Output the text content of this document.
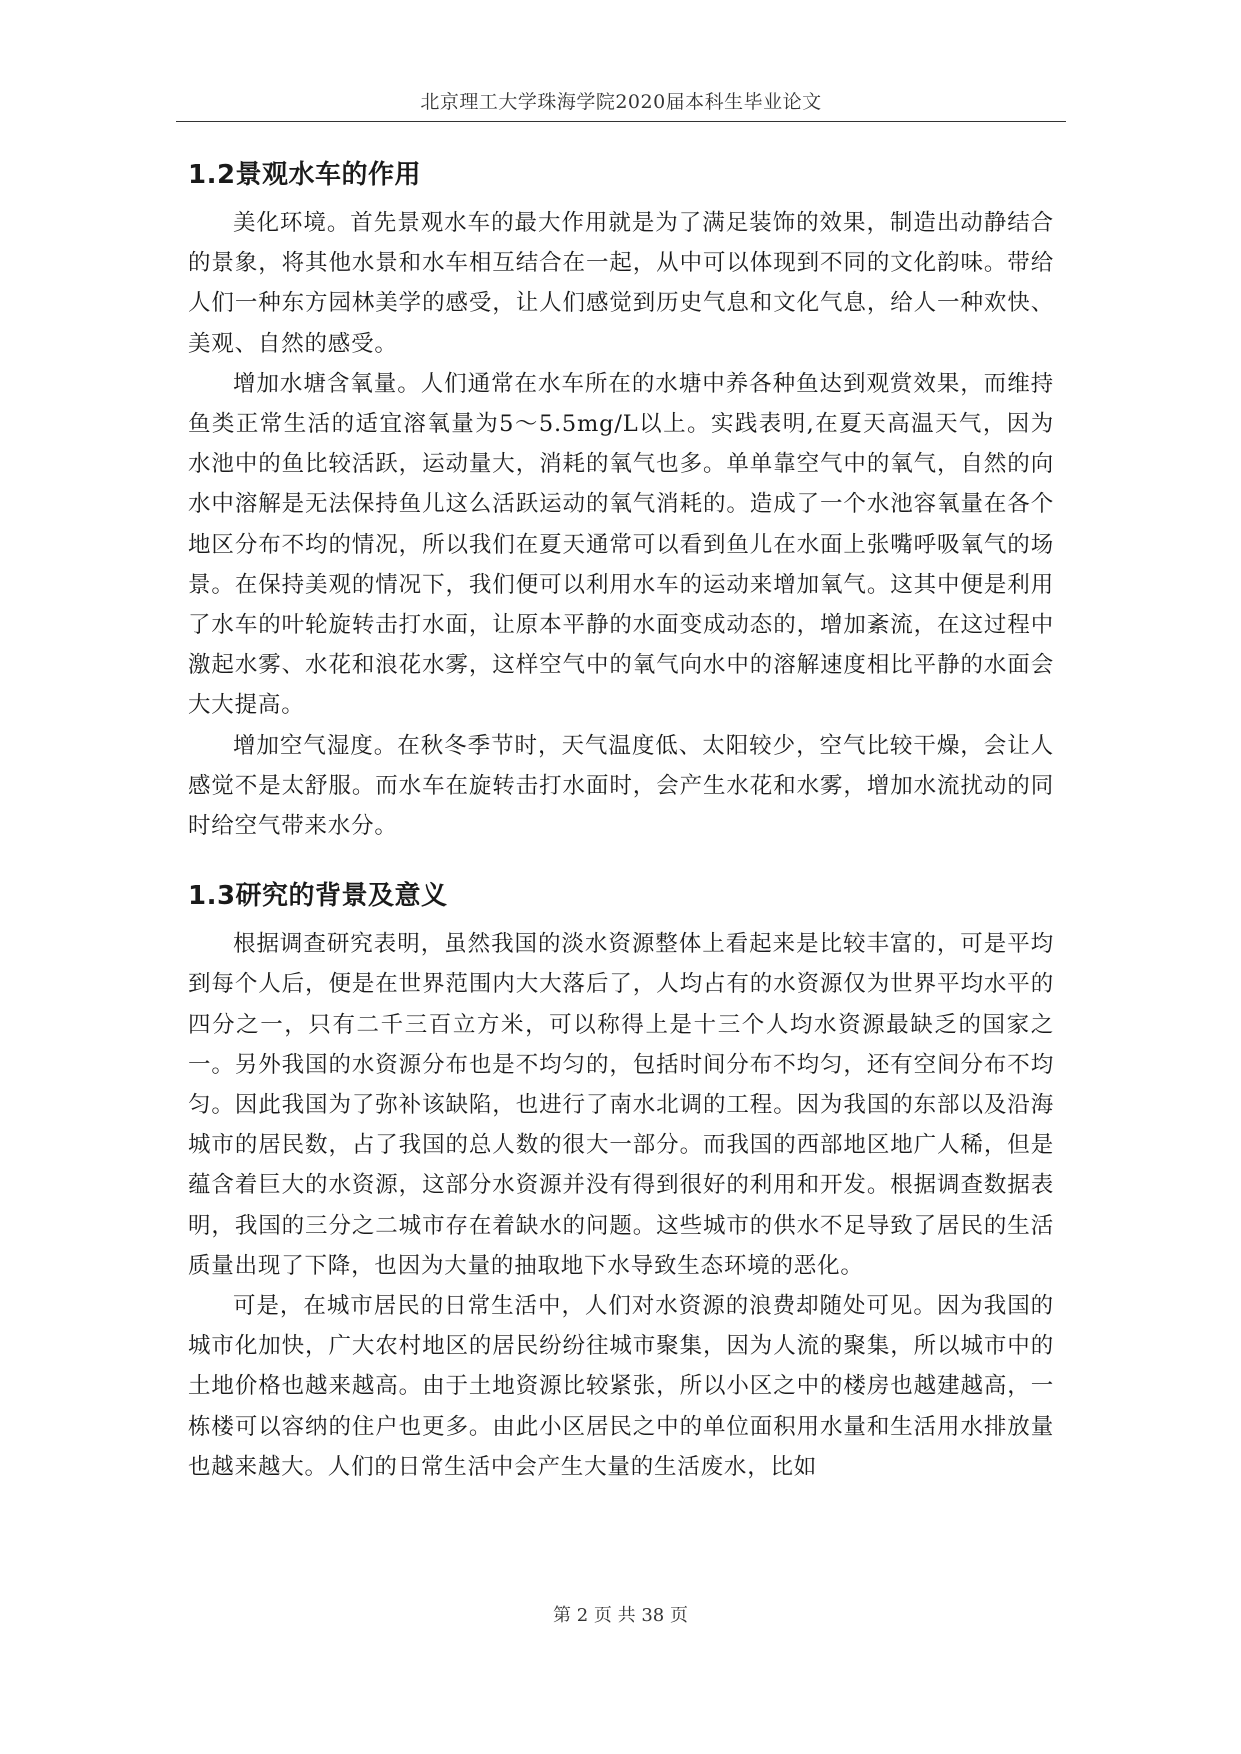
北京理工大学珠海学院2020届本科生毕业论文
1.2景观水车的作用

美化环境。首先景观水车的最大作用就是为了满足装饰的效果，制造出动静结合的景象，将其他水景和水车相互结合在一起，从中可以体现到不同的文化韵味。带给人们一种东方园林美学的感受，让人们感觉到历史气息和文化气息，给人一种欢快、美观、自然的感受。

增加水塘含氧量。人们通常在水车所在的水塘中养各种鱼达到观赏效果，而维持鱼类正常生活的适宜溶氧量为5～5.5mg/L以上。实践表明,在夏天高温天气，因为水池中的鱼比较活跃，运动量大，消耗的氧气也多。单单靠空气中的氧气，自然的向水中溶解是无法保持鱼儿这么活跃运动的氧气消耗的。造成了一个水池容氧量在各个地区分布不均的情况，所以我们在夏天通常可以看到鱼儿在水面上张嘴呼吸氧气的场景。在保持美观的情况下，我们便可以利用水车的运动来增加氧气。这其中便是利用了水车的叶轮旋转击打水面，让原本平静的水面变成动态的，增加紊流，在这过程中激起水雾、水花和浪花水雾，这样空气中的氧气向水中的溶解速度相比平静的水面会大大提高。

增加空气湿度。在秋冬季节时，天气温度低、太阳较少，空气比较干燥，会让人感觉不是太舒服。而水车在旋转击打水面时，会产生水花和水雾，增加水流扰动的同时给空气带来水分。

1.3研究的背景及意义

根据调查研究表明，虽然我国的淡水资源整体上看起来是比较丰富的，可是平均到每个人后，便是在世界范围内大大落后了，人均占有的水资源仅为世界平均水平的四分之一，只有二千三百立方米，可以称得上是十三个人均水资源最缺乏的国家之一。另外我国的水资源分布也是不均匀的，包括时间分布不均匀，还有空间分布不均匀。因此我国为了弥补该缺陷，也进行了南水北调的工程。因为我国的东部以及沿海城市的居民数，占了我国的总人数的很大一部分。而我国的西部地区地广人稀，但是蕴含着巨大的水资源，这部分水资源并没有得到很好的利用和开发。根据调查数据表明，我国的三分之二城市存在着缺水的问题。这些城市的供水不足导致了居民的生活质量出现了下降，也因为大量的抽取地下水导致生态环境的恶化。

可是，在城市居民的日常生活中，人们对水资源的浪费却随处可见。因为我国的城市化加快，广大农村地区的居民纷纷往城市聚集，因为人流的聚集，所以城市中的土地价格也越来越高。由于土地资源比较紧张，所以小区之中的楼房也越建越高，一栋楼可以容纳的住户也更多。由此小区居民之中的单位面积用水量和生活用水排放量也越来越大。人们的日常生活中会产生大量的生活废水，比如

第 2 页 共 38 页
